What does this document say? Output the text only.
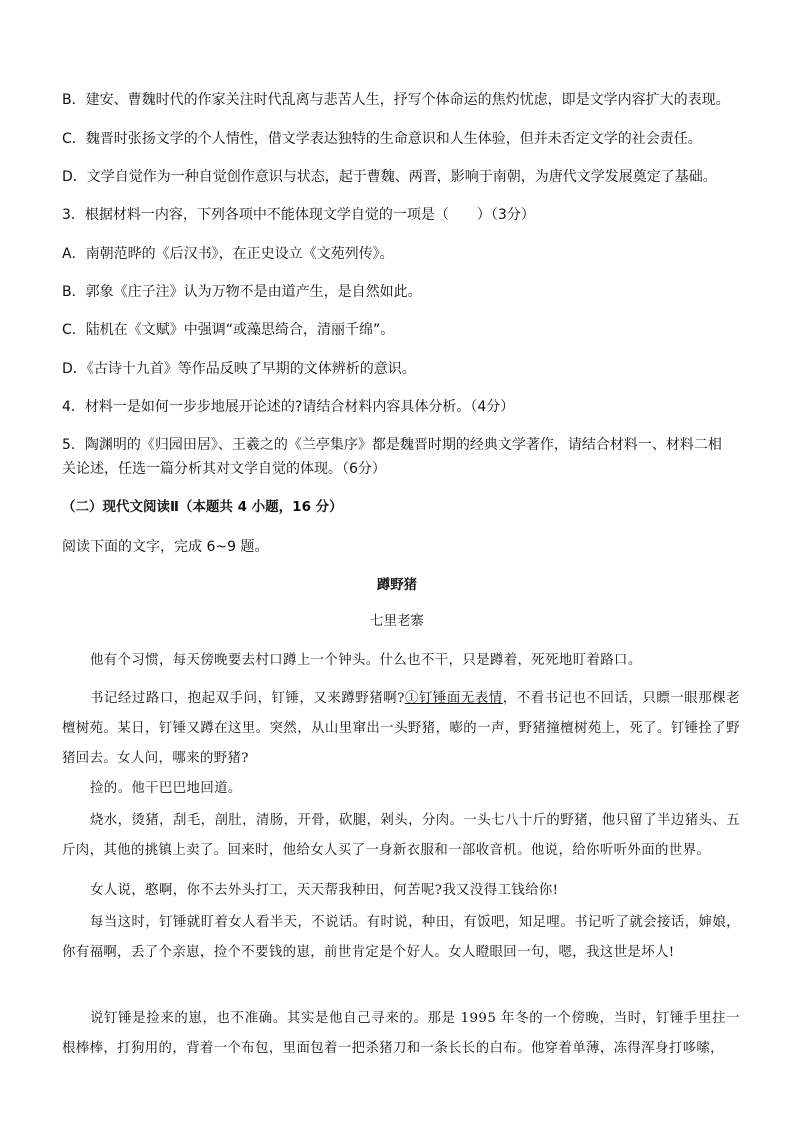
B．建安、曹魏时代的作家关注时代乱离与悲苦人生，抒写个体命运的焦灼忧虑，即是文学内容扩大的表现。
C．魏晋时张扬文学的个人情性，借文学表达独特的生命意识和人生体验，但并未否定文学的社会责任。
D．文学自觉作为一种自觉创作意识与状态，起于曹魏、两晋，影响于南朝，为唐代文学发展奠定了基础。
3．根据材料一内容，下列各项中不能体现文学自觉的一项是（　　）（3分）
A．南朝范晔的《后汉书》，在正史设立《文苑列传》。
B．郭象《庄子注》认为万物不是由道产生，是自然如此。
C．陆机在《文赋》中强调“或藻思绮合，清丽千绵”。
D．《古诗十九首》等作品反映了早期的文体辨析的意识。
4．材料一是如何一步步地展开论述的?请结合材料内容具体分析。（4分）
5．陶渊明的《归园田居》、王羲之的《兰亭集序》都是魏晋时期的经典文学著作，请结合材料一、材料二相
关论述，任选一篇分析其对文学自觉的体现。（6分）
（二）现代文阅读Ⅱ（本题共 4 小题，16 分）
阅读下面的文字，完成 6~9 题。
蹲野猪
七里老寨
他有个习惯，每天傍晚要去村口蹲上一个钟头。什么也不干，只是蹲着，死死地盯着路口。
书记经过路口，抱起双手问，钉锤，又来蹲野猪啊?①钉锤面无表情，不看书记也不回话，只瞟一眼那棵老檀树苑。某日，钉锤又蹲在这里。突然，从山里窜出一头野猪，嘭的一声，野猪撞檀树苑上，死了。钉锤拴了野猪回去。女人问，哪来的野猪?
捡的。他干巴巴地回道。
烧水，烫猪，刮毛，剖肚，清肠，开骨，砍腿，剁头，分肉。一头七八十斤的野猪，他只留了半边猪头、五斤肉，其他的挑镇上卖了。回来时，他给女人买了一身新衣服和一部收音机。他说，给你听听外面的世界。
女人说，憨啊，你不去外头打工，天天帮我种田，何苦呢?我又没得工钱给你!
每当这时，钉锤就盯着女人看半天，不说话。有时说，种田，有饭吧，知足哩。书记听了就会接话，婶娘，你有福啊，丢了个亲崽，捡个不要钱的崽，前世肯定是个好人。女人瞪眼回一句，嗯，我这世是坏人!
说钉锤是捡来的崽，也不准确。其实是他自己寻来的。那是 1995 年冬的一个傍晚，当时，钉锤手里拄一根棒棒，打狗用的，背着一个布包，里面包着一把杀猪刀和一条长长的白布。他穿着单薄，冻得浑身打哆嗦，
